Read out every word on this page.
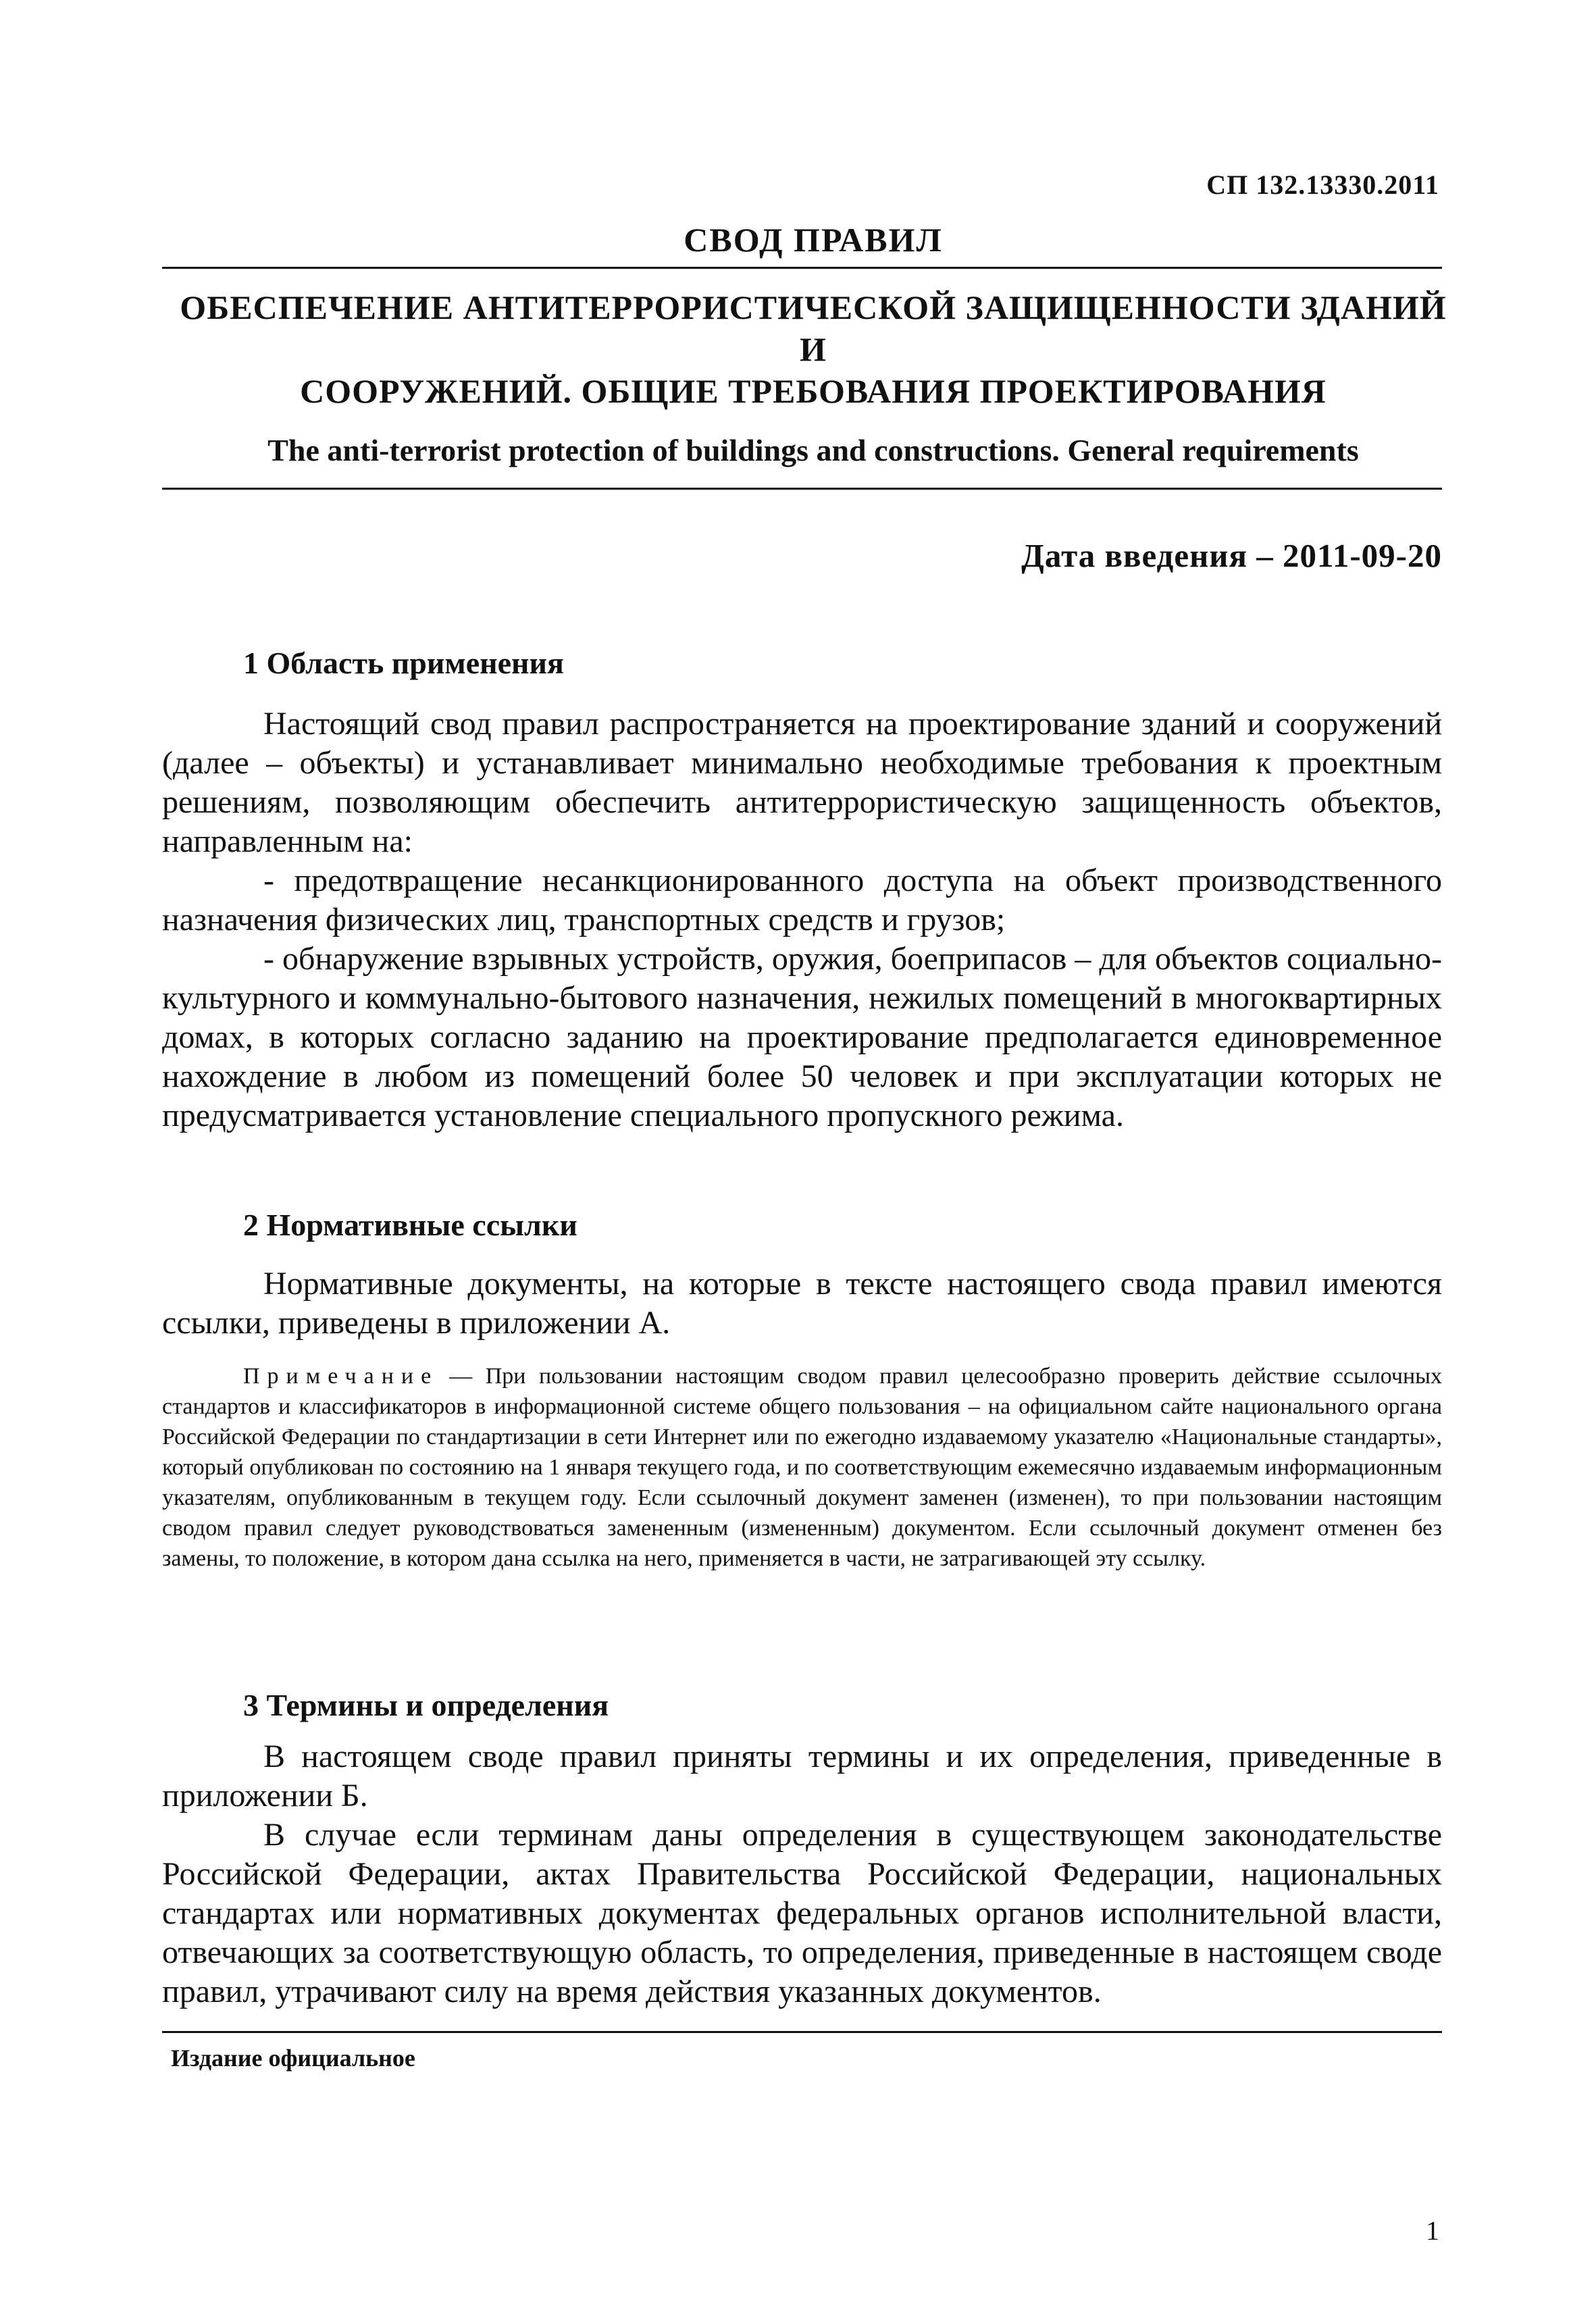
СП 132.13330.2011
СВОД ПРАВИЛ
ОБЕСПЕЧЕНИЕ АНТИТЕРРОРИСТИЧЕСКОЙ ЗАЩИЩЕННОСТИ ЗДАНИЙ И
СООРУЖЕНИЙ. ОБЩИЕ ТРЕБОВАНИЯ ПРОЕКТИРОВАНИЯ
The anti-terrorist protection of buildings and constructions. General requirements
Дата введения – 2011-09-20
1 Область применения

Настоящий свод правил распространяется на проектирование зданий и сооружений (далее – объекты) и устанавливает минимально необходимые требования к проектным решениям, позволяющим обеспечить антитеррористическую защищенность объектов, направленным на:

- предотвращение несанкционированного доступа на объект производственного назначения физических лиц, транспортных средств и грузов;

- обнаружение взрывных устройств, оружия, боеприпасов – для объектов социально-культурного и коммунально-бытового назначения, нежилых помещений в многоквартирных домах, в которых согласно заданию на проектирование предполагается единовременное нахождение в любом из помещений более 50 человек и при эксплуатации которых не предусматривается установление специального пропускного режима.

2 Нормативные ссылки

Нормативные документы, на которые в тексте настоящего свода правил имеются ссылки, приведены в приложении А.

Примечание — При пользовании настоящим сводом правил целесообразно проверить действие ссылочных стандартов и классификаторов в информационной системе общего пользования – на официальном сайте национального органа Российской Федерации по стандартизации в сети Интернет или по ежегодно издаваемому указателю «Национальные стандарты», который опубликован по состоянию на 1 января текущего года, и по соответствующим ежемесячно издаваемым информационным указателям, опубликованным в текущем году. Если ссылочный документ заменен (изменен), то при пользовании настоящим сводом правил следует руководствоваться замененным (измененным) документом. Если ссылочный документ отменен без замены, то положение, в котором дана ссылка на него, применяется в части, не затрагивающей эту ссылку.

3 Термины и определения

В настоящем своде правил приняты термины и их определения, приведенные в приложении Б.

В случае если терминам даны определения в существующем законодательстве Российской Федерации, актах Правительства Российской Федерации, национальных стандартах или нормативных документах федеральных органов исполнительной власти, отвечающих за соответствующую область, то определения, приведенные в настоящем своде правил, утрачивают силу на время действия указанных документов.

Издание официальное
1
